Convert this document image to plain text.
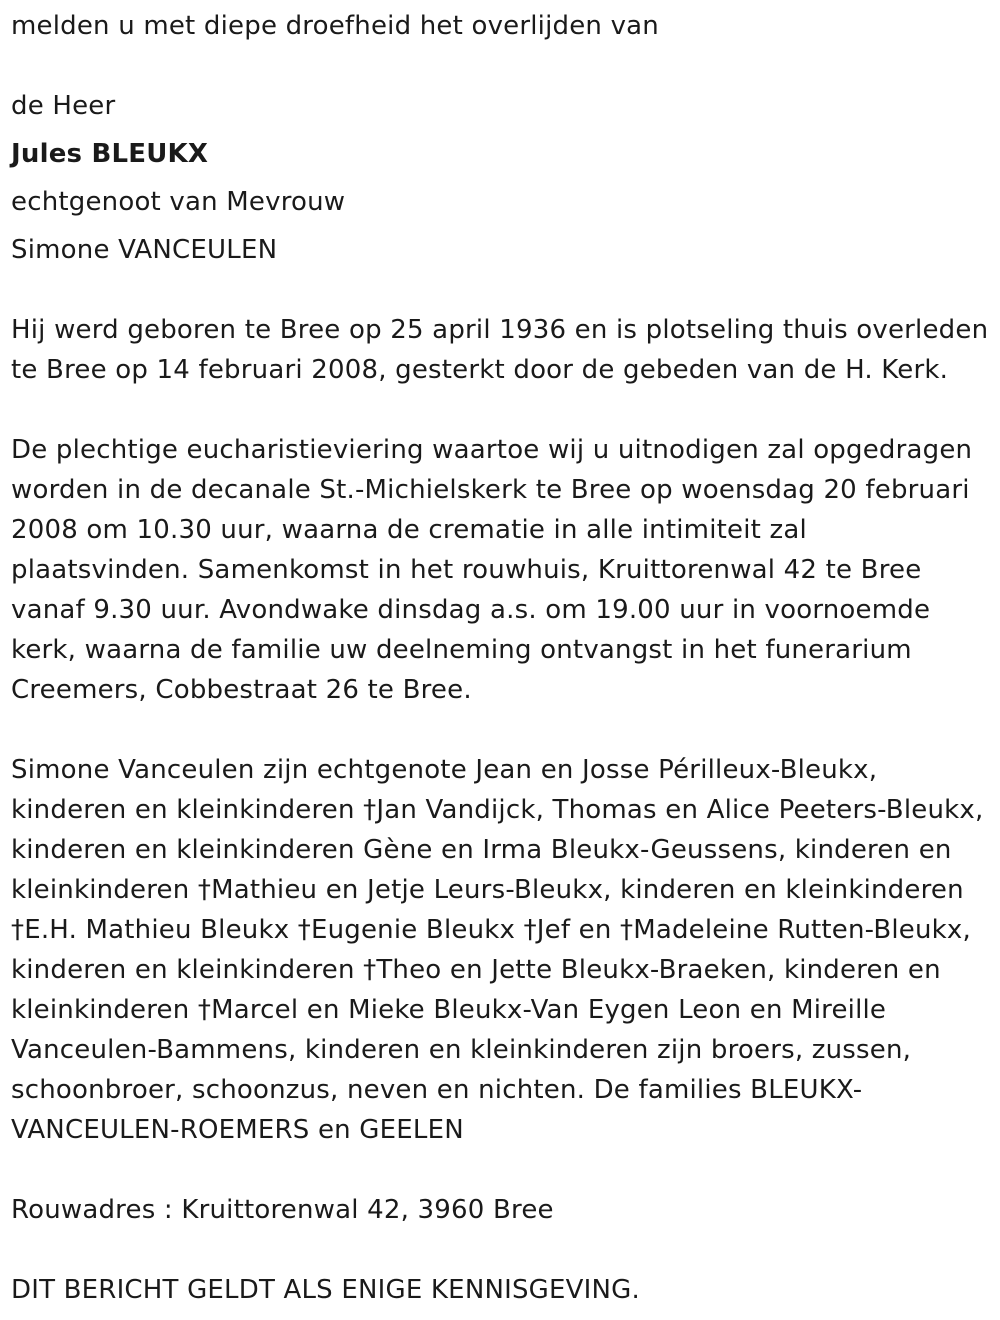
melden u met diepe droefheid het overlijden van
de Heer
Jules BLEUKX
echtgenoot van Mevrouw
Simone VANCEULEN
Hij werd geboren te Bree op 25 april 1936 en is plotseling thuis overleden
te Bree op 14 februari 2008, gesterkt door de gebeden van de H. Kerk.
De plechtige eucharistieviering waartoe wij u uitnodigen zal opgedragen
worden in de decanale St.-Michielskerk te Bree op woensdag 20 februari
2008 om 10.30 uur, waarna de crematie in alle intimiteit zal
plaatsvinden. Samenkomst in het rouwhuis, Kruittorenwal 42 te Bree
vanaf 9.30 uur. Avondwake dinsdag a.s. om 19.00 uur in voornoemde
kerk, waarna de familie uw deelneming ontvangst in het funerarium
Creemers, Cobbestraat 26 te Bree.
Simone Vanceulen zijn echtgenote Jean en Josse Périlleux-Bleukx,
kinderen en kleinkinderen †Jan Vandijck, Thomas en Alice Peeters-Bleukx,
kinderen en kleinkinderen Gène en Irma Bleukx-Geussens, kinderen en
kleinkinderen †Mathieu en Jetje Leurs-Bleukx, kinderen en kleinkinderen
†E.H. Mathieu Bleukx †Eugenie Bleukx †Jef en †Madeleine Rutten-Bleukx,
kinderen en kleinkinderen †Theo en Jette Bleukx-Braeken, kinderen en
kleinkinderen †Marcel en Mieke Bleukx-Van Eygen Leon en Mireille
Vanceulen-Bammens, kinderen en kleinkinderen zijn broers, zussen,
schoonbroer, schoonzus, neven en nichten. De families BLEUKX-
VANCEULEN-ROEMERS en GEELEN
Rouwadres : Kruittorenwal 42, 3960 Bree
DIT BERICHT GELDT ALS ENIGE KENNISGEVING.
